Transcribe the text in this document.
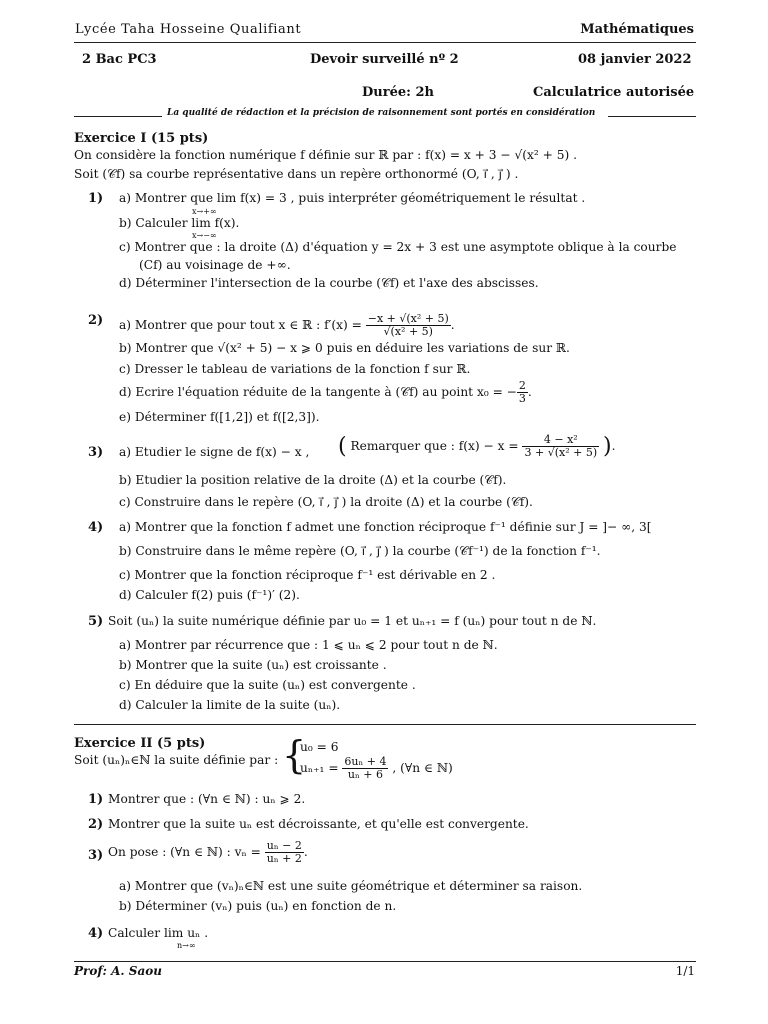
Lycée Taha Hosseine Qualifiant	Mathématiques
2 Bac PC3	Devoir surveillé nº 2	08 janvier 2022
Durée: 2h	Calculatrice autorisée
La qualité de rédaction et la précision de raisonnement sont portés en considération
Exercice I (15 pts)
On considère la fonction numérique f définie sur ℝ par : f(x) = x + 3 − √(x² + 5) .
Soit (𝒞f) sa courbe représentative dans un repère orthonormé (O, i⃗ , j⃗ ) .
1) a) Montrer que lim f(x) = 3 , puis interpréter géométriquement le résultat .
x→+∞
b) Calculer lim f(x).
x→−∞
c) Montrer que : la droite (Δ) d'équation y = 2x + 3 est une asymptote oblique à la courbe
(Cf) au voisinage de +∞.
d) Déterminer l'intersection de la courbe (𝒞f) et l'axe des abscisses.
2) a) Montrer que pour tout x ∈ ℝ : $f'(x) = \frac{\text{−x + √(x² + 5)}}{\text{√(x² + 5)}}$ .
b) Montrer que √(x² + 5) − x ⩾ 0 puis en déduire les variations de sur ℝ.
c) Dresser le tableau de variations de la fonction f sur ℝ.
d) Ecrire l'équation réduite de la tangente à (𝒞f) au point x₀ = − $\frac{2}{3}$ .
e) Déterminer f([1,2]) et f([2,3]).
3) a) Etudier le signe de f(x) − x , ( Remarquer que : $f(x) - x = \frac{\text{4 − x²}}{\text{3 + √(x² + 5)}}$ ).
b) Etudier la position relative de la droite (Δ) et la courbe (𝒞f).
c) Construire dans le repère (O, i⃗ , j⃗ ) la droite (Δ) et la courbe (𝒞f).
4) a) Montrer que la fonction f admet une fonction réciproque f⁻¹ définie sur J = ]− ∞, 3[
b) Construire dans le même repère (O, i⃗ , j⃗ ) la courbe (𝒞f⁻¹) de la fonction f⁻¹.
c) Montrer que la fonction réciproque f⁻¹ est dérivable en 2 .
d) Calculer f(2) puis (f⁻¹)′ (2).
5) Soit (uₙ) la suite numérique définie par u₀ = 1 et uₙ₊₁ = f (uₙ) pour tout n de ℕ.
a) Montrer par récurrence que : 1 ⩽ uₙ ⩽ 2 pour tout n de ℕ.
b) Montrer que la suite (uₙ) est croissante .
c) En déduire que la suite (uₙ) est convergente .
d) Calculer la limite de la suite (uₙ).
Exercice II (5 pts)
Soit (uₙ)ₙ∈ℕ la suite définie par : {
u₀ = 6
$u_{n+1} = \frac{\text{6uₙ + 4}}{\text{uₙ + 6}}$ , (∀n ∈ ℕ)
1) Montrer que : (∀n ∈ ℕ) : uₙ ⩾ 2.
2) Montrer que la suite uₙ est décroissante, et qu'elle est convergente.
3) On pose : (∀n ∈ ℕ) : $v_n = \frac{\text{uₙ − 2}}{\text{uₙ + 2}}$ .
a) Montrer que (vₙ)ₙ∈ℕ est une suite géométrique et déterminer sa raison.
b) Déterminer (vₙ) puis (uₙ) en fonction de n.
4) Calculer lim uₙ .
n→∞
Prof: A. Saou	1/1
